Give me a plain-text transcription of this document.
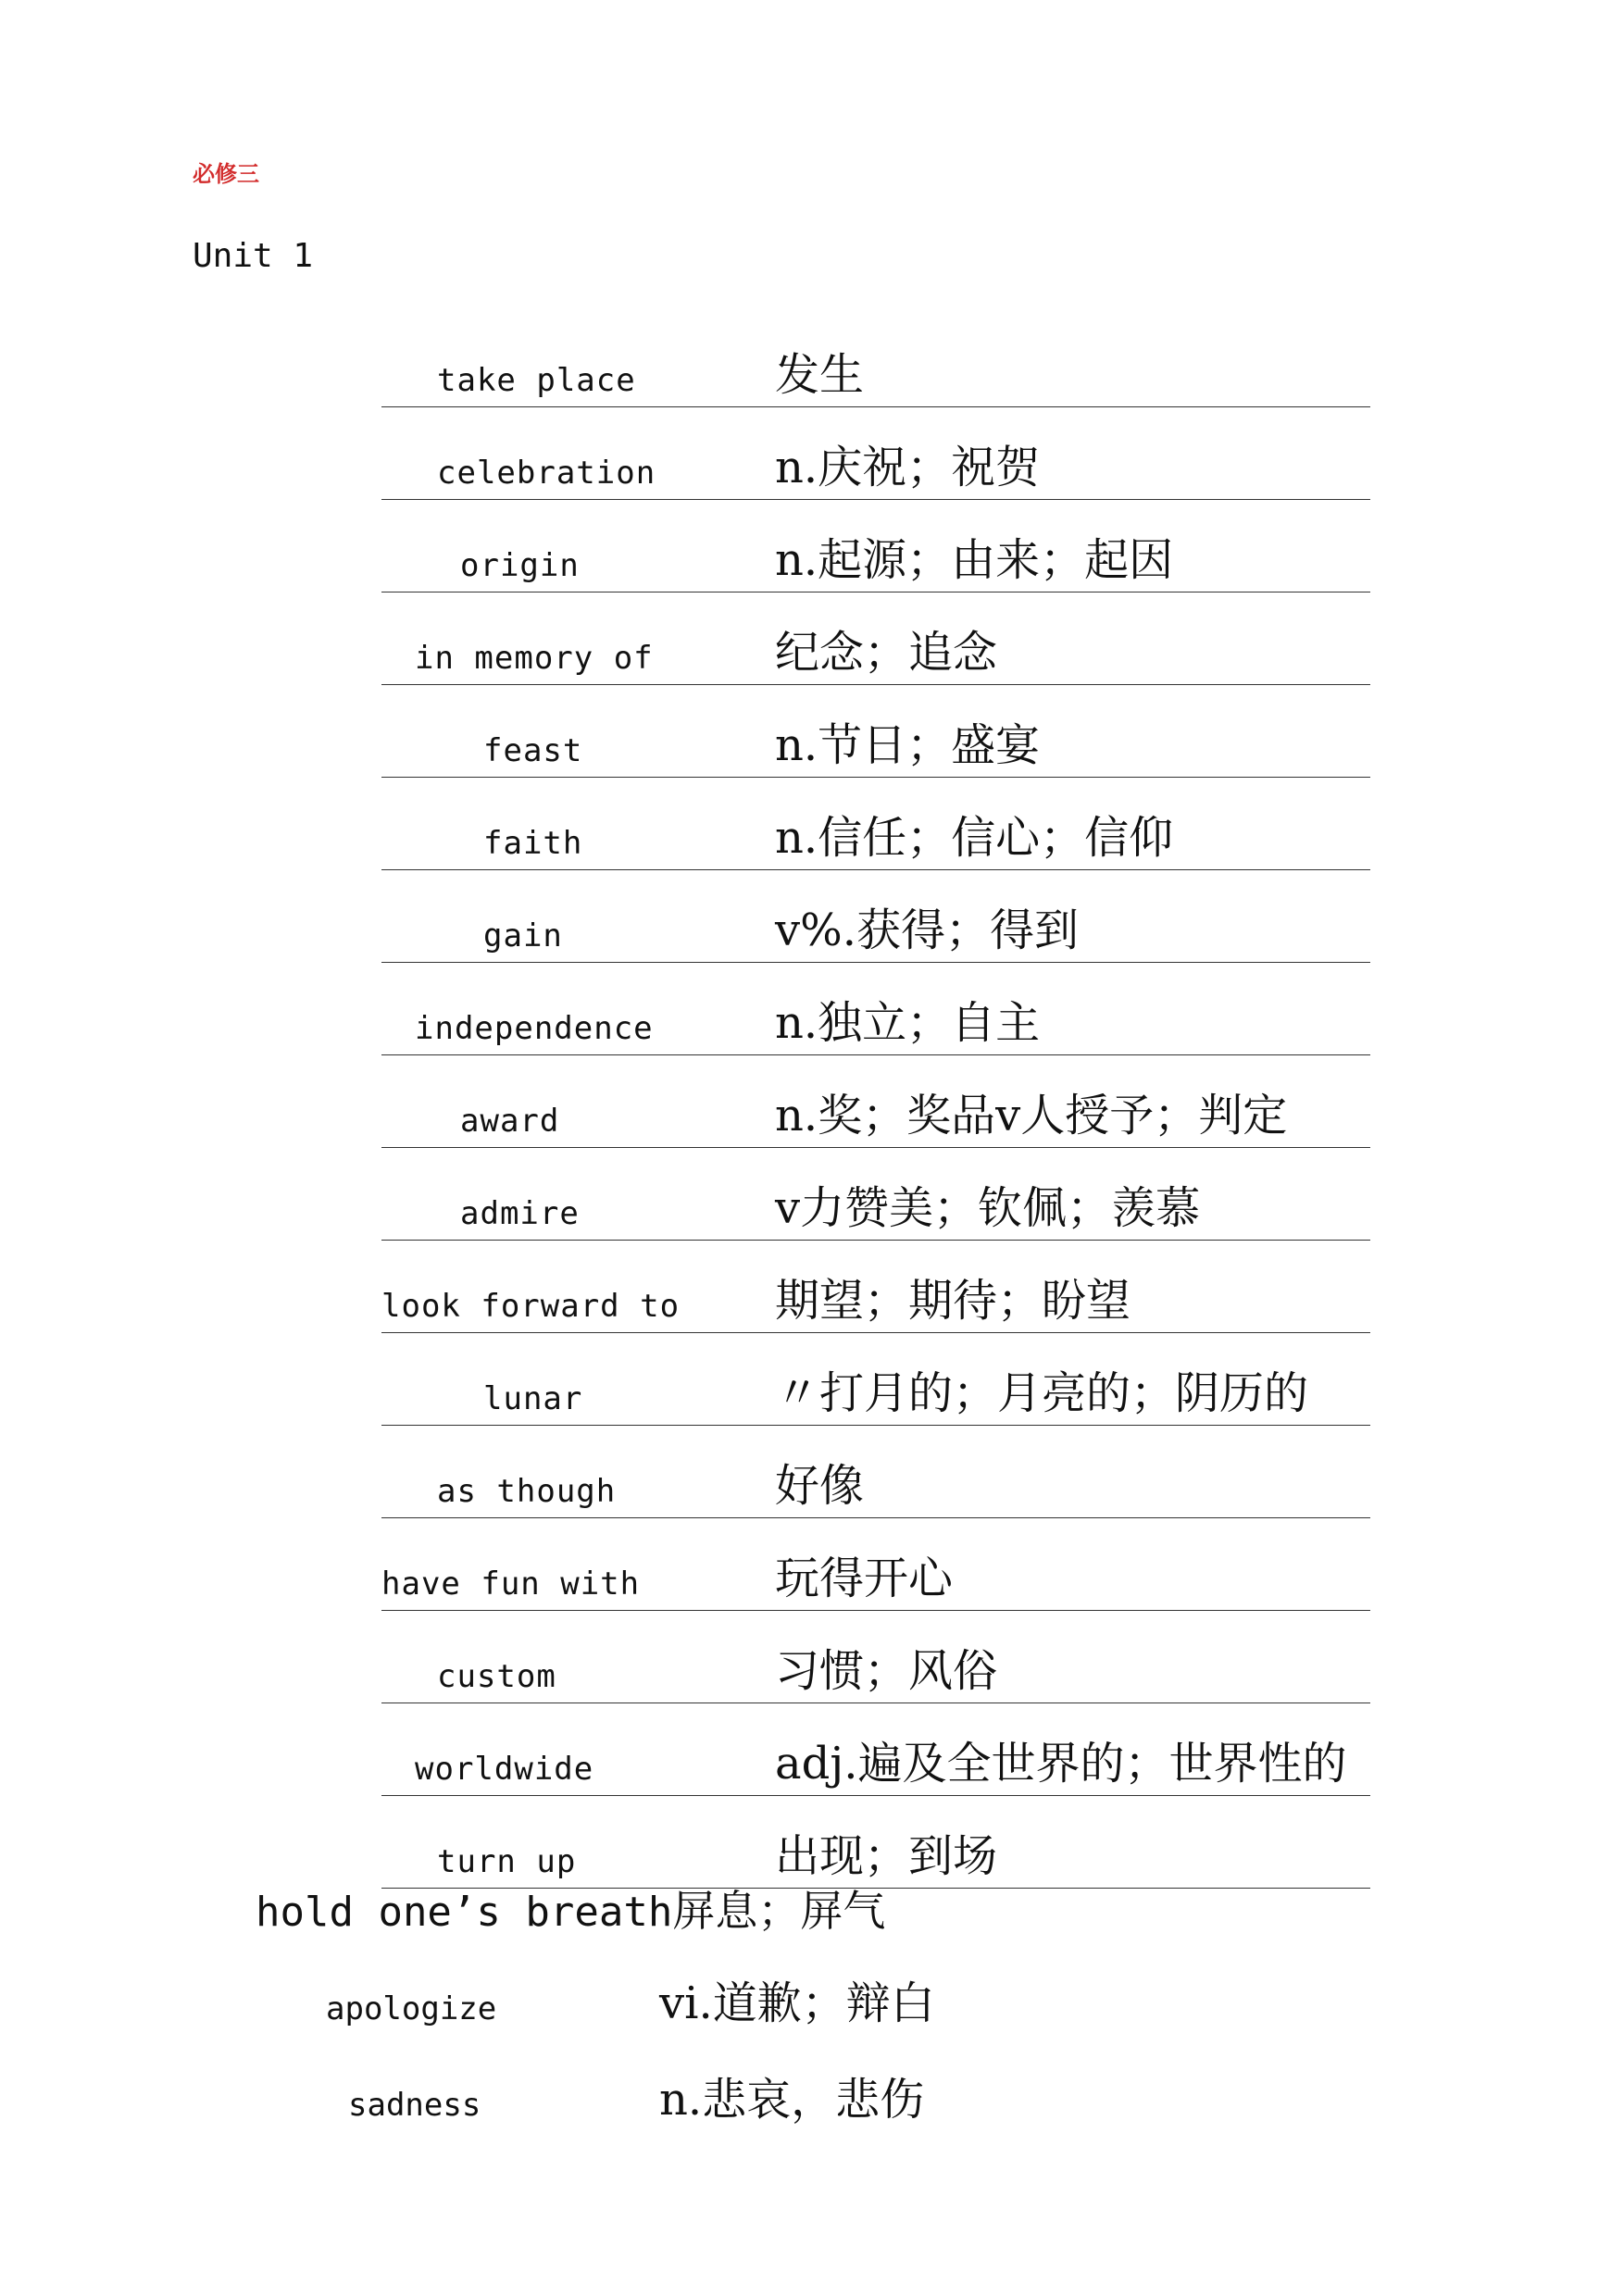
必修三
Unit 1
take place	发生
celebration	n.庆祝；祝贺
origin	n.起源；由来；起因
in memory of	纪念；追念
feast	n.节日；盛宴
faith	n.信任；信心；信仰
gain	v%.获得；得到
independence	n.独立；自主
award	n.奖；奖品v人授予；判定
admire	v力赞美；钦佩；羡慕
look forward to 期望；期待；盼望
lunar	〃打月的；月亮的；阴历的
as though	好像
have fun with	玩得开心
custom	习惯；风俗
worldwide	adj.遍及全世界的；世界性的
turn up	出现；到场
hold one’s breath屏息；屏气
apologize	vi.道歉；辩白
sadness	n.悲哀，悲伤
